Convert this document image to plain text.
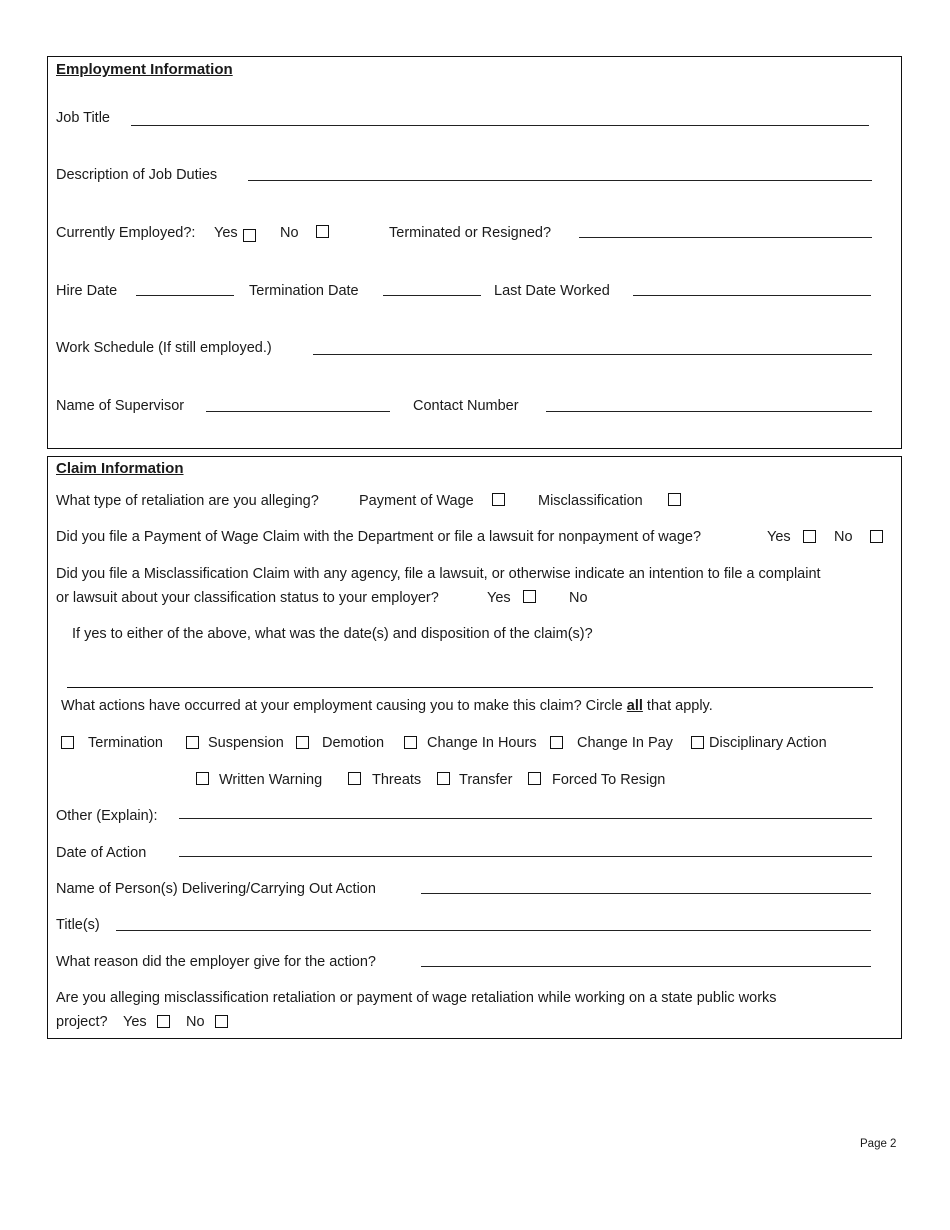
Employment Information
Job Title
Description of Job Duties
Currently Employed?: Yes	No	Terminated or Resigned?
Hire Date	Termination Date	Last Date Worked
Work Schedule (If still employed.)
Name of Supervisor	Contact Number
Claim Information
What type of retaliation are you alleging?	Payment of Wage	Misclassification
Did you file a Payment of Wage Claim with the Department or file a lawsuit for nonpayment of wage?	Yes	No
Did you file a Misclassification Claim with any agency, file a lawsuit, or otherwise indicate an intention to file a complaint
or lawsuit about your classification status to your employer?	Yes	No
If yes to either of the above, what was the date(s) and disposition of the claim(s)?
What actions have occurred at your employment causing you to make this claim? Circle all that apply.
Termination	Suspension	Demotion	Change In Hours	Change In Pay Disciplinary Action
Written Warning	Threats	Transfer	Forced To Resign
Other (Explain):
Date of Action
Name of Person(s) Delivering/Carrying Out Action
Title(s)
What reason did the employer give for the action?
Are you alleging misclassification retaliation or payment of wage retaliation while working on a state public works
project? Yes	No
Page 2
